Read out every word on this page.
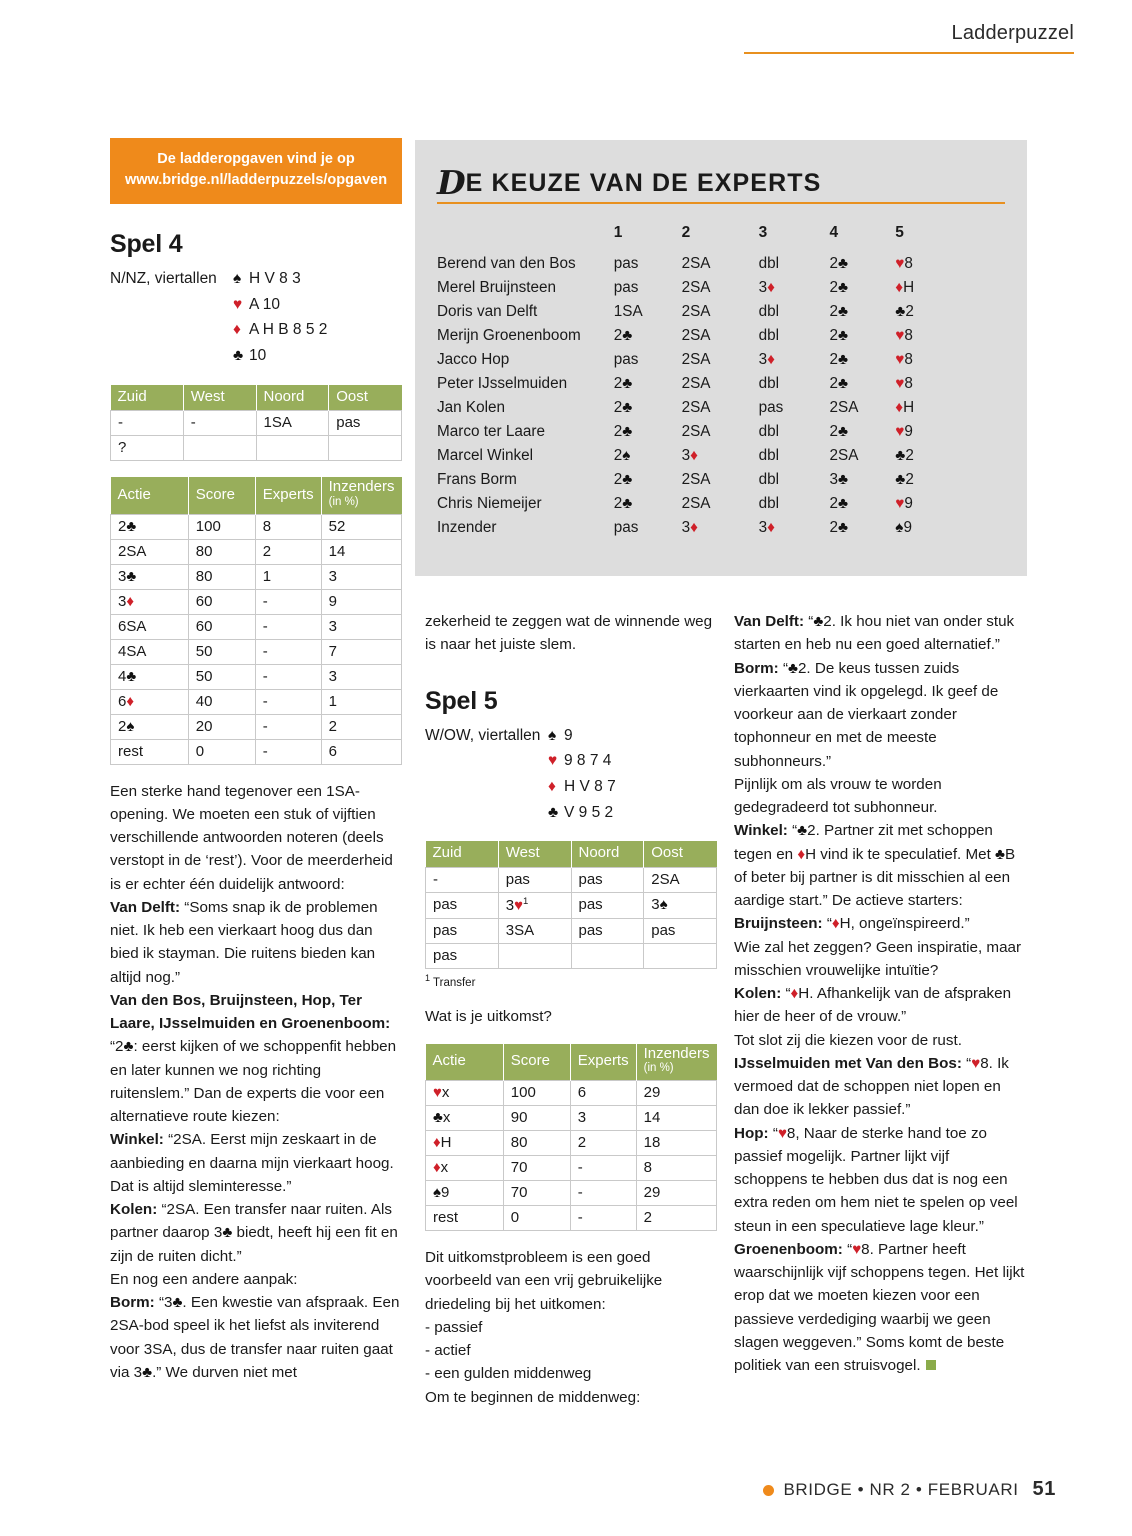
Ladderpuzzel
De ladderopgaven vind je op
www.bridge.nl/ladderpuzzels/opgaven
Spel 4
N/NZ, viertallen	♠ H V 8 3
♥ A 10
♦ A H B 8 5 2
♣ 10
Zuid	West	Noord	Oost
-	-	1SA	pas
?			
Actie	Score	Experts	Inzenders
(in %)

2♣	100	8	52
2SA	80	2	14
3♣	80	1	3
3♦	60	-	9
6SA	60	-	3
4SA	50	-	7
4♣	50	-	3
6♦	40	-	1
2♠	20	-	2
rest	0	-	6

Een sterke hand tegenover een 1SA-opening. We moeten een stuk of vijftien verschillende antwoorden noteren (deels verstopt in de ‘rest’). Voor de meerderheid is er echter één duidelijk antwoord:

Van Delft: “Soms snap ik de problemen niet. Ik heb een vierkaart hoog dus dan bied ik stayman. Die ruitens bieden kan altijd nog.”

Van den Bos, Bruijnsteen, Hop, Ter Laare, IJsselmuiden en Groenenboom: “2♣: eerst kijken of we schoppenfit hebben en later kunnen we nog richting ruitenslem.” Dan de experts die voor een alternatieve route kiezen:

Winkel: “2SA. Eerst mijn zeskaart in de aanbieding en daarna mijn vierkaart hoog. Dat is altijd sleminteresse.”

Kolen: “2SA. Een transfer naar ruiten. Als partner daarop 3♣ biedt, heeft hij een fit en zijn de ruiten dicht.”

En nog een andere aanpak:

Borm: “3♣. Een kwestie van afspraak. Een 2SA-bod speel ik het liefst als inviterend voor 3SA, dus de transfer naar ruiten gaat via 3♣.” We durven niet met

DE KEUZE VAN DE EXPERTS
	1	2	3	4	5
Berend van den Bos	pas	2SA	dbl	2♣	♥8
Merel Bruijnsteen	pas	2SA	3♦	2♣	♦H
Doris van Delft	1SA	2SA	dbl	2♣	♣2
Merijn Groenenboom	2♣	2SA	dbl	2♣	♥8
Jacco Hop	pas	2SA	3♦	2♣	♥8
Peter IJsselmuiden	2♣	2SA	dbl	2♣	♥8
Jan Kolen	2♣	2SA	pas	2SA	♦H
Marco ter Laare	2♣	2SA	dbl	2♣	♥9
Marcel Winkel	2♠	3♦	dbl	2SA	♣2
Frans Borm	2♣	2SA	dbl	3♣	♣2
Chris Niemeijer	2♣	2SA	dbl	2♣	♥9
Inzender	pas	3♦	3♦	2♣	♠9

zekerheid te zeggen wat de winnende weg is naar het juiste slem.

Spel 5
W/OW, viertallen ♠ 9
♥ 9 8 7 4
♦ H V 8 7
♣ V 9 5 2
Zuid	West	Noord	Oost
-	pas	pas	2SA
pas	3♥$^1$	pas	3♠
pas	3SA	pas	pas
pas			
$^1$ Transfer

Wat is je uitkomst?

Actie	Score	Experts	Inzenders
(in %)

♥x	100	6	29
♣x	90	3	14
♦H	80	2	18
♦x	70	-	8
♠9	70	-	29
rest	0	-	2

Dit uitkomstprobleem is een goed voorbeeld van een vrij gebruikelijke driedeling bij het uitkomen:

- passief

- actief

- een gulden middenweg

Om te beginnen de middenweg:

Van Delft: “♣2. Ik hou niet van onder stuk starten en heb nu een goed alternatief.”

Borm: “♣2. De keus tussen zuids vierkaarten vind ik opgelegd. Ik geef de voorkeur aan de vierkaart zonder tophonneur en met de meeste subhonneurs.”

Pijnlijk om als vrouw te worden gedegradeerd tot subhonneur.

Winkel: “♣2. Partner zit met schoppen tegen en ♦H vind ik te speculatief. Met ♣B of beter bij partner is dit misschien al een aardige start.” De actieve starters:

Bruijnsteen: “♦H, ongeïnspireerd.”

Wie zal het zeggen? Geen inspiratie, maar misschien vrouwelijke intuïtie?

Kolen: “♦H. Afhankelijk van de afspraken hier de heer of de vrouw.”

Tot slot zij die kiezen voor de rust.

IJsselmuiden met Van den Bos: “♥8. Ik vermoed dat de schoppen niet lopen en dan doe ik lekker passief.”

Hop: “♥8, Naar de sterke hand toe zo passief mogelijk. Partner lijkt vijf schoppens te hebben dus dat is nog een extra reden om hem niet te spelen op veel steun in een speculatieve lage kleur.”

Groenenboom: “♥8. Partner heeft waarschijnlijk vijf schoppens tegen. Het lijkt erop dat we moeten kiezen voor een passieve verdediging waarbij we geen slagen weggeven.” Soms komt de beste politiek van een struisvogel.

BRIDGE • NR 2 • FEBRUARI 51
